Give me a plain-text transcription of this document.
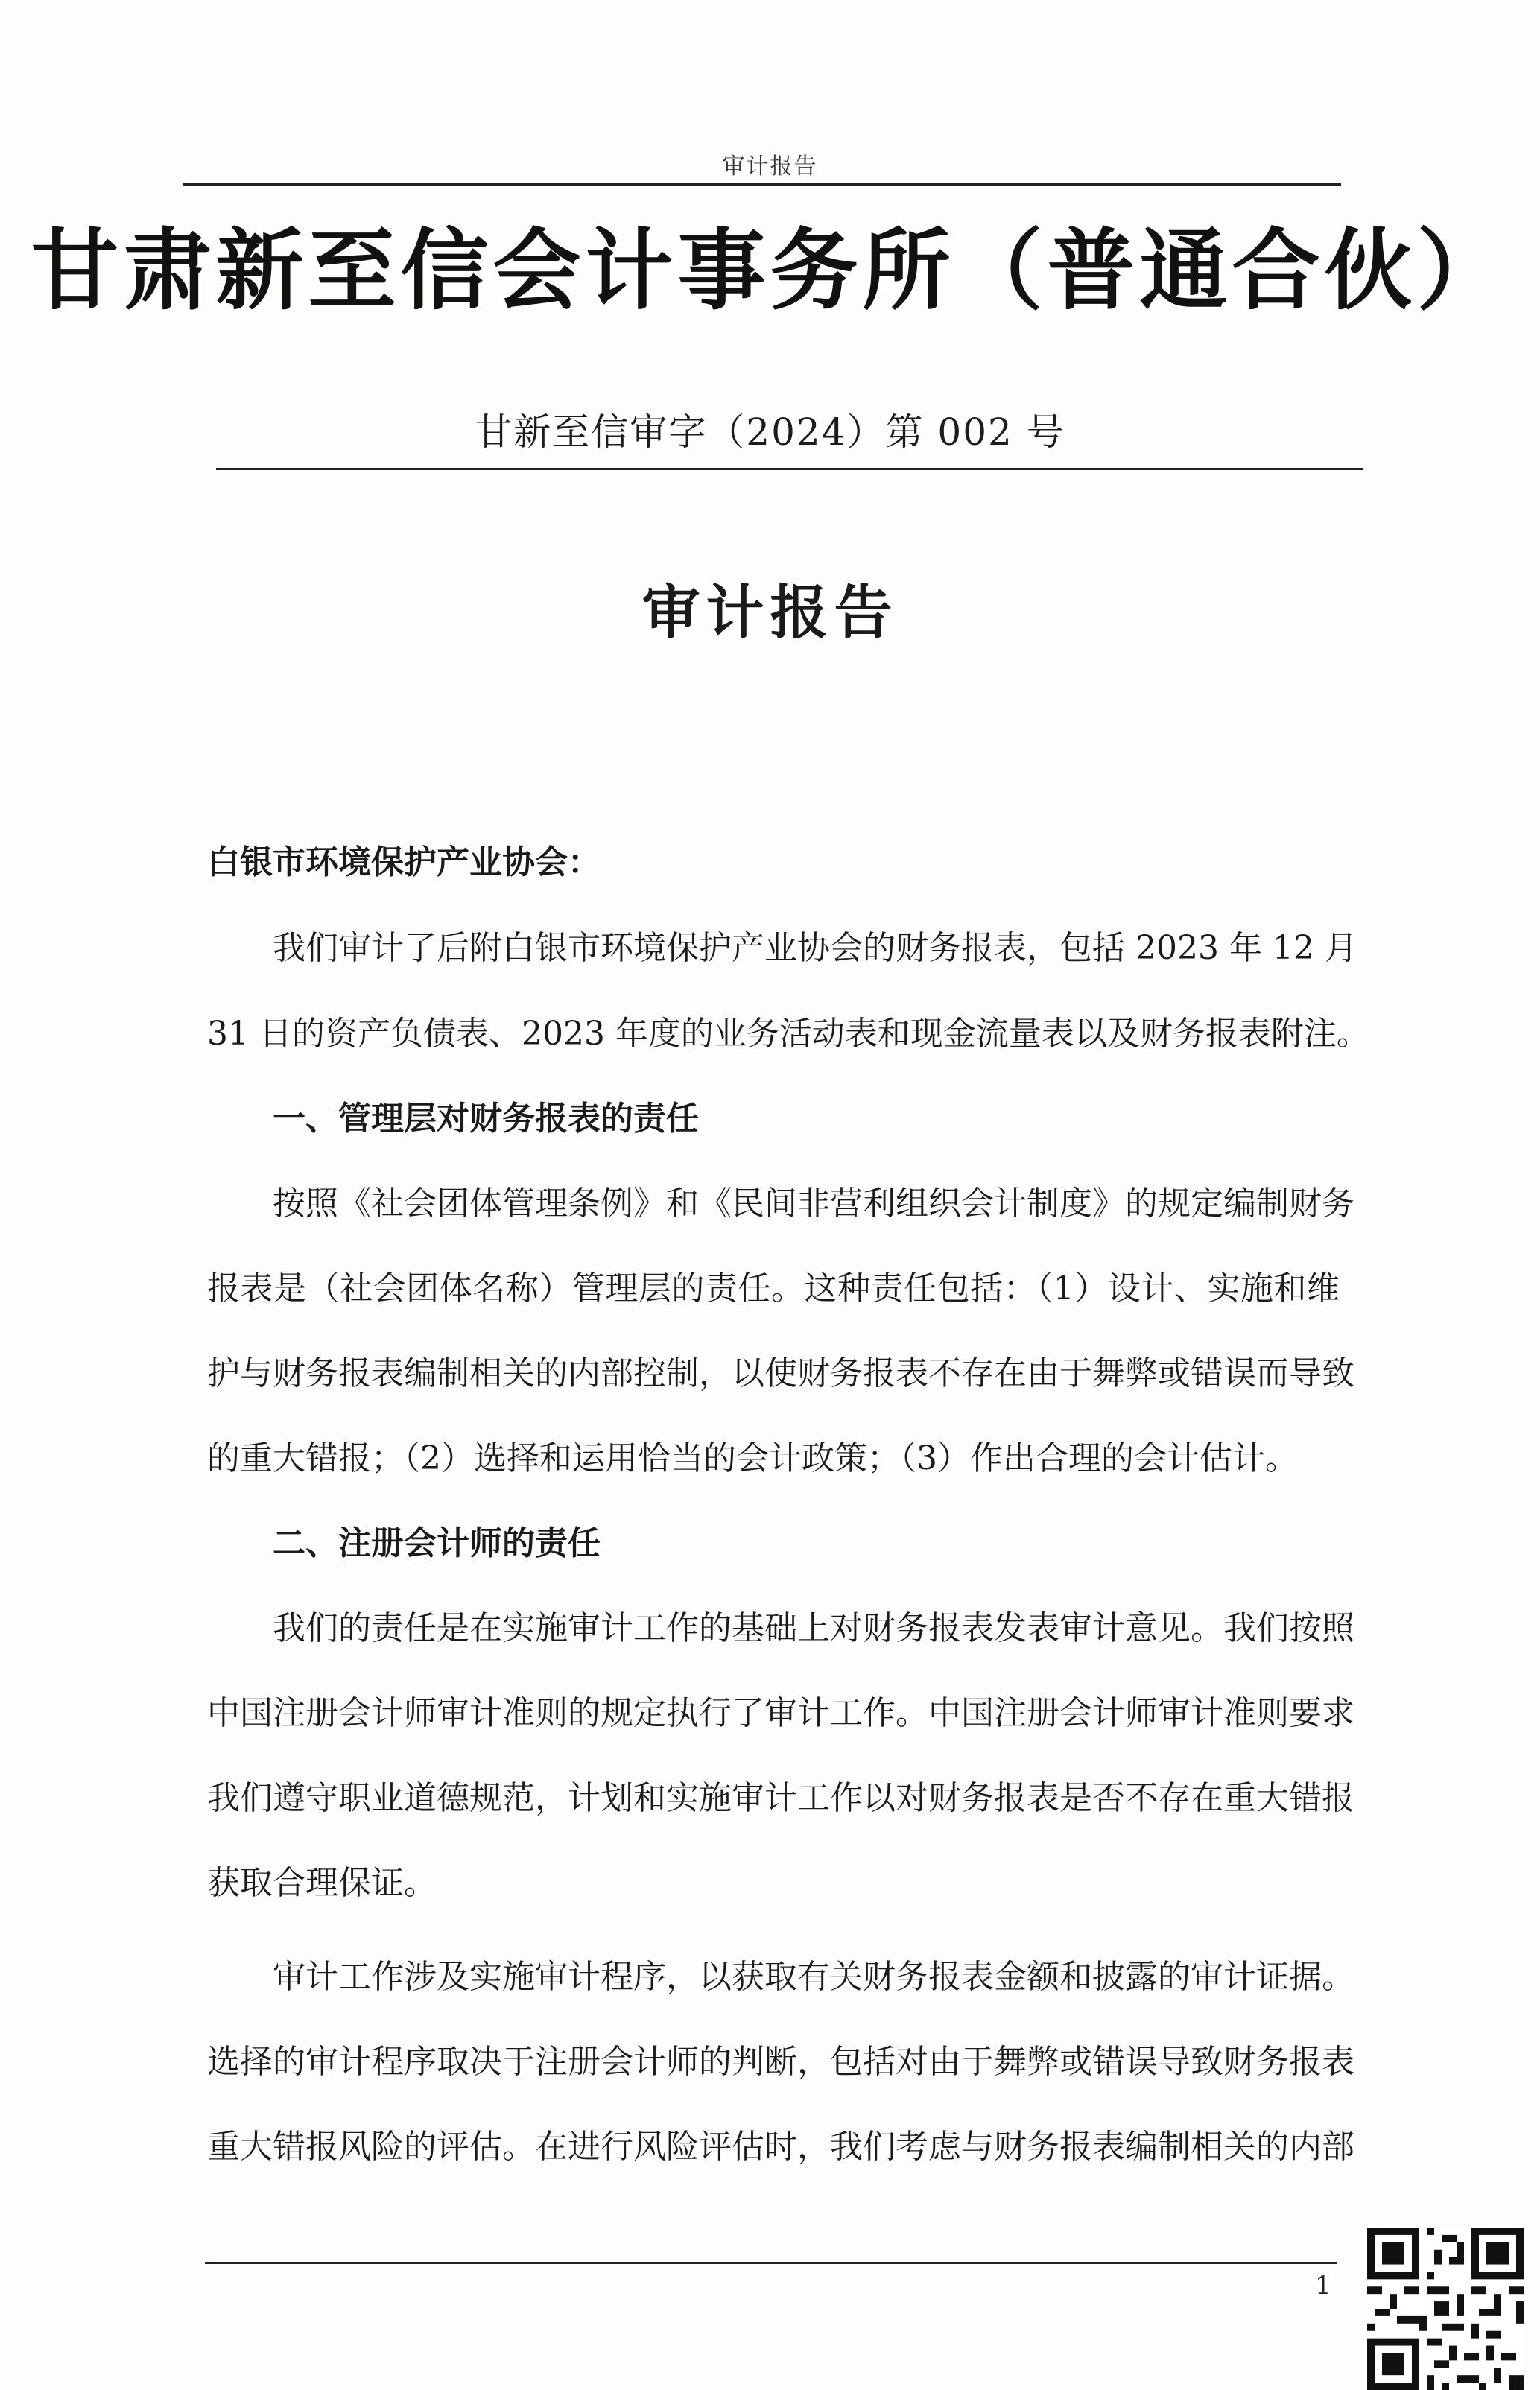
审计报告
甘肃新至信会计事务所（普通合伙）
甘新至信审字（2024）第 002 号
审计报告
白银市环境保护产业协会：
我们审计了后附白银市环境保护产业协会的财务报表，包括 2023 年 12 月
31 日的资产负债表、2023 年度的业务活动表和现金流量表以及财务报表附注。
一、管理层对财务报表的责任
按照《社会团体管理条例》和《民间非营利组织会计制度》的规定编制财务
报表是（社会团体名称）管理层的责任。这种责任包括：（1）设计、实施和维
护与财务报表编制相关的内部控制，以使财务报表不存在由于舞弊或错误而导致
的重大错报；（2）选择和运用恰当的会计政策；（3）作出合理的会计估计。
二、注册会计师的责任
我们的责任是在实施审计工作的基础上对财务报表发表审计意见。我们按照
中国注册会计师审计准则的规定执行了审计工作。中国注册会计师审计准则要求
我们遵守职业道德规范，计划和实施审计工作以对财务报表是否不存在重大错报
获取合理保证。
审计工作涉及实施审计程序，以获取有关财务报表金额和披露的审计证据。
选择的审计程序取决于注册会计师的判断，包括对由于舞弊或错误导致财务报表
重大错报风险的评估。在进行风险评估时，我们考虑与财务报表编制相关的内部
1
